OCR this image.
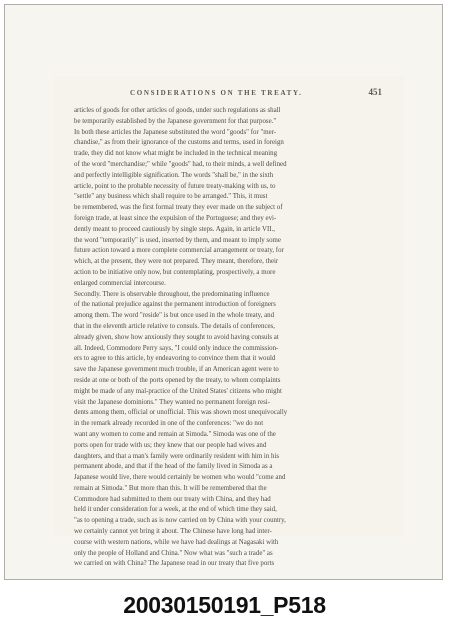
CONSIDERATIONS ON THE TREATY.	451
articles of goods for other articles of goods, under such regulations as shall
be temporarily established by the Japanese government for that purpose."
In both these articles the Japanese substituted the word "goods" for "mer-
chandise," as from their ignorance of the customs and terms, used in foreign
trade, they did not know what might be included in the technical meaning
of the word "merchandise;" while "goods" had, to their minds, a well defined
and perfectly intelligible signification. The words "shall be," in the sixth
article, point to the probable necessity of future treaty-making with us, to
"settle" any business which shall require to be arranged." This, it must
be remembered, was the first formal treaty they ever made on the subject of
foreign trade, at least since the expulsion of the Portuguese; and they evi-
dently meant to proceed cautiously by single steps. Again, in article VII.,
the word "temporarily" is used, inserted by them, and meant to imply some
future action toward a more complete commercial arrangement or treaty, for
which, at the present, they were not prepared. They meant, therefore, their
action to be initiative only now, but contemplating, prospectively, a more
enlarged commercial intercourse.
Secondly. There is observable throughout, the predominating influence
of the national prejudice against the permanent introduction of foreigners
among them. The word "reside" is but once used in the whole treaty, and
that in the eleventh article relative to consuls. The details of conferences,
already given, show how anxiously they sought to avoid having consuls at
all. Indeed, Commodore Perry says, "I could only induce the commission-
ers to agree to this article, by endeavoring to convince them that it would
save the Japanese government much trouble, if an American agent were to
reside at one or both of the ports opened by the treaty, to whom complaints
might be made of any mal-practice of the United States' citizens who might
visit the Japanese dominions." They wanted no permanent foreign resi-
dents among them, official or unofficial. This was shown most unequivocally
in the remark already recorded in one of the conferences: "we do not
want any women to come and remain at Simoda." Simoda was one of the
ports open for trade with us; they knew that our people had wives and
daughters, and that a man's family were ordinarily resident with him in his
permanent abode, and that if the head of the family lived in Simoda as a
Japanese would live, there would certainly be women who would "come and
remain at Simoda." But more than this. It will be remembered that the
Commodore had submitted to them our treaty with China, and they had
held it under consideration for a week, at the end of which time they said,
"as to opening a trade, such as is now carried on by China with your country,
we certainly cannot yet bring it about. The Chinese have long had inter-
course with western nations, while we have had dealings at Nagasaki with
only the people of Holland and China." Now what was "such a trade" as
we carried on with China? The Japanese read in our treaty that five ports
20030150191_P518
